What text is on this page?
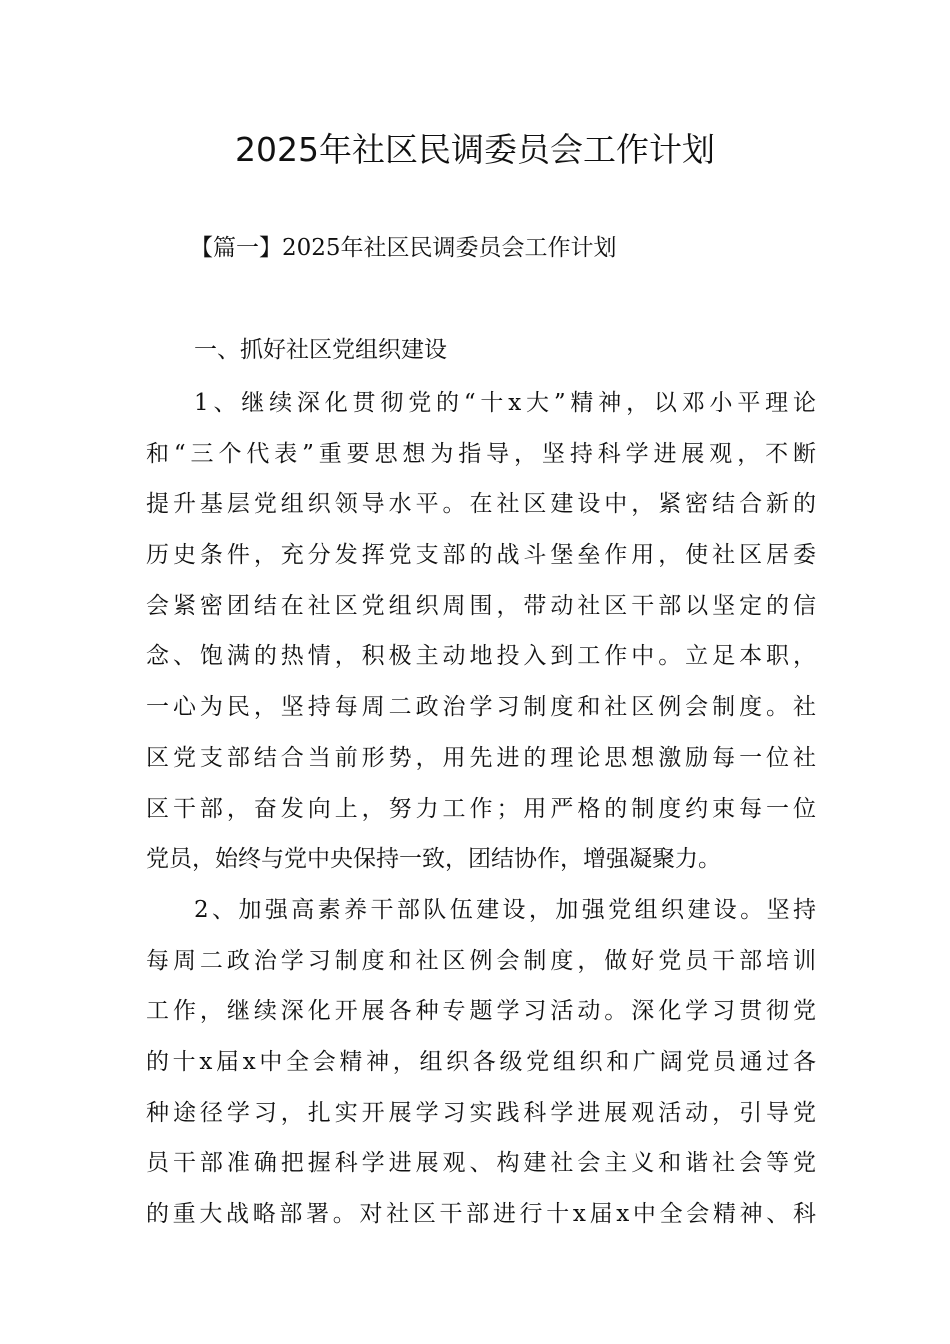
2025年社区民调委员会工作计划
【篇一】2025年社区民调委员会工作计划
一、抓好社区党组织建设
1、继续深化贯彻党的“十x大”精神，以邓小平理论
和“三个代表”重要思想为指导，坚持科学进展观，不断
提升基层党组织领导水平。在社区建设中，紧密结合新的
历史条件，充分发挥党支部的战斗堡垒作用，使社区居委
会紧密团结在社区党组织周围，带动社区干部以坚定的信
念、饱满的热情，积极主动地投入到工作中。立足本职，
一心为民，坚持每周二政治学习制度和社区例会制度。社
区党支部结合当前形势，用先进的理论思想激励每一位社
区干部，奋发向上，努力工作；用严格的制度约束每一位
党员，始终与党中央保持一致，团结协作，增强凝聚力。
2、加强高素养干部队伍建设，加强党组织建设。坚持
每周二政治学习制度和社区例会制度，做好党员干部培训
工作，继续深化开展各种专题学习活动。深化学习贯彻党
的十x届x中全会精神，组织各级党组织和广阔党员通过各
种途径学习，扎实开展学习实践科学进展观活动，引导党
员干部准确把握科学进展观、构建社会主义和谐社会等党
的重大战略部署。对社区干部进行十x届x中全会精神、科
